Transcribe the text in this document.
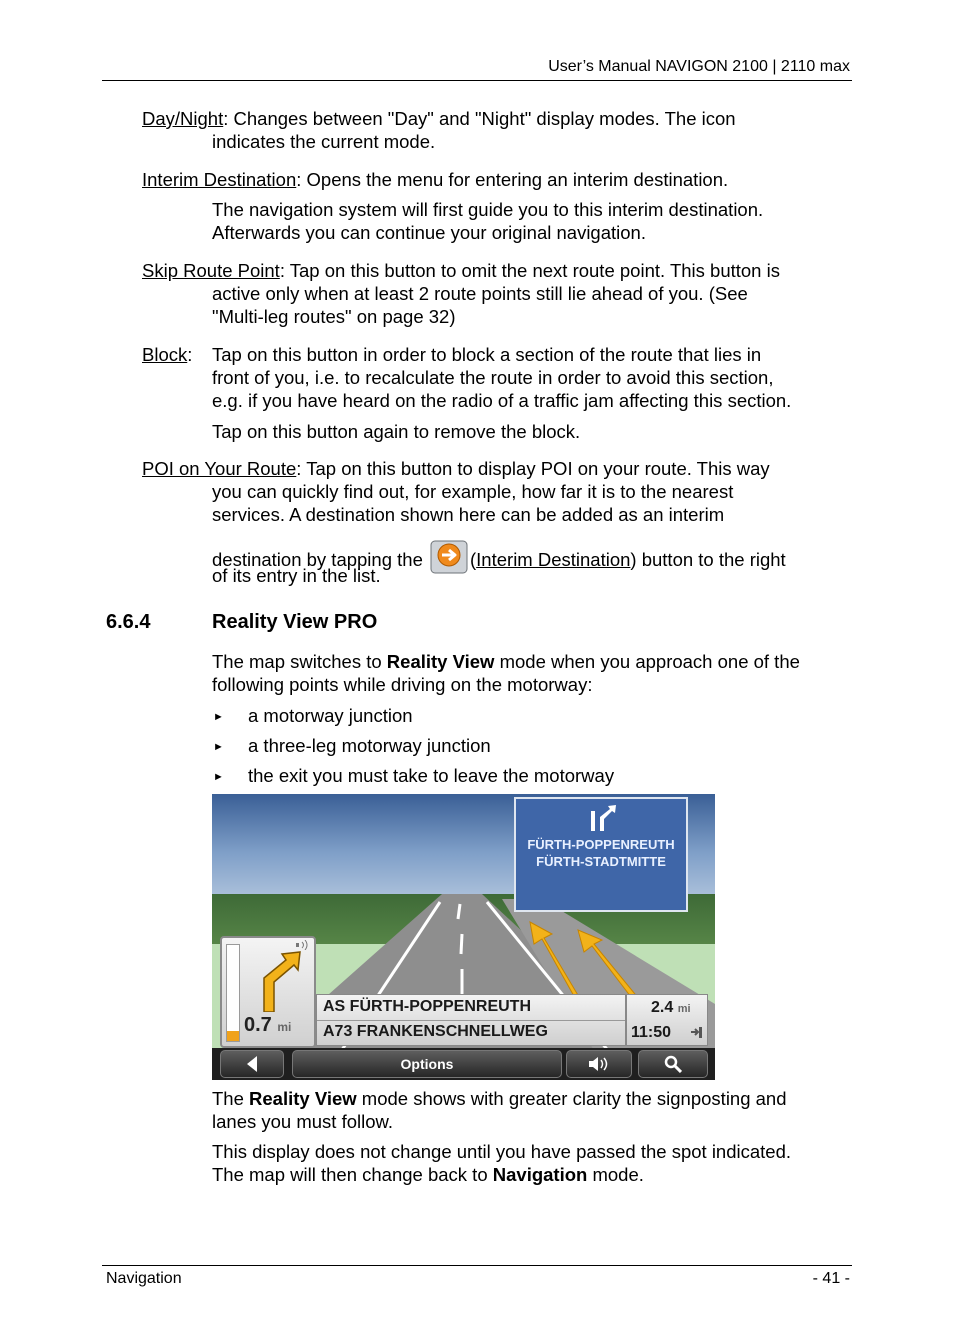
User’s Manual NAVIGON 2100 | 2110 max
Day/Night: Changes between "Day" and "Night" display modes. The icon
indicates the current mode.
Interim Destination: Opens the menu for entering an interim destination.
The navigation system will first guide you to this interim destination.
Afterwards you can continue your original navigation.
Skip Route Point: Tap on this button to omit the next route point. This button is
active only when at least 2 route points still lie ahead of you. (See
"Multi-leg routes" on page 32)
Block: Tap on this button in order to block a section of the route that lies in
front of you, i.e. to recalculate the route in order to avoid this section,
e.g. if you have heard on the radio of a traffic jam affecting this section.
Tap on this button again to remove the block.
POI on Your Route: Tap on this button to display POI on your route. This way
you can quickly find out, for example, how far it is to the nearest
services. A destination shown here can be added as an interim
destination by tapping the	(Interim Destination) button to the right
of its entry in the list.
6.6.4	Reality View PRO
The map switches to Reality View mode when you approach one of the
following points while driving on the motorway:
► a motorway junction
► a three-leg motorway junction
► the exit you must take to leave the motorway
FÜRTH-POPPENREUTH
FÜRTH-STADTMITTE
0.7 mi
AS FÜRTH-POPPENREUTH
A73 FRANKENSCHNELLWEG
2.4 mi
11:50
Options
The Reality View mode shows with greater clarity the signposting and
lanes you must follow.
This display does not change until you have passed the spot indicated.
The map will then change back to Navigation mode.
Navigation	- 41 -
